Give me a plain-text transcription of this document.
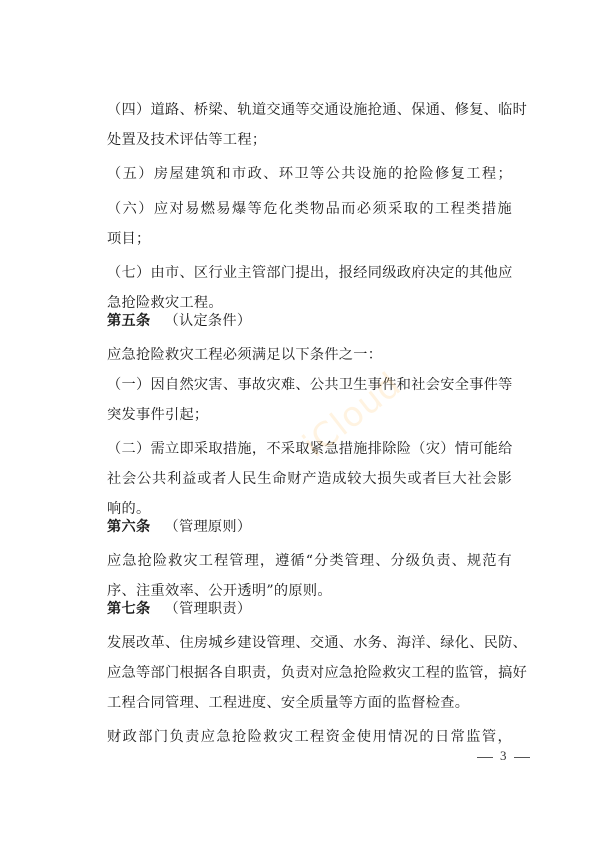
（四）道路、桥梁、轨道交通等交通设施抢通、保通、修复、临时
处置及技术评估等工程；
（五）房屋建筑和市政、环卫等公共设施的抢险修复工程；
（六）应对易燃易爆等危化类物品而必须采取的工程类措施
项目；
（七）由市、区行业主管部门提出，报经同级政府决定的其他应
急抢险救灾工程。
第五条 （认定条件）
应急抢险救灾工程必须满足以下条件之一：
（一）因自然灾害、事故灾难、公共卫生事件和社会安全事件等
突发事件引起；
（二）需立即采取措施，不采取紧急措施排除险（灾）情可能给
社会公共利益或者人民生命财产造成较大损失或者巨大社会影
响的。
第六条 （管理原则）
应急抢险救灾工程管理，遵循“分类管理、分级负责、规范有
序、注重效率、公开透明”的原则。
第七条 （管理职责）
发展改革、住房城乡建设管理、交通、水务、海洋、绿化、民防、
应急等部门根据各自职责，负责对应急抢险救灾工程的监管，搞好
工程合同管理、工程进度、安全质量等方面的监督检查。
财政部门负责应急抢险救灾工程资金使用情况的日常监管，
iCloud
3
